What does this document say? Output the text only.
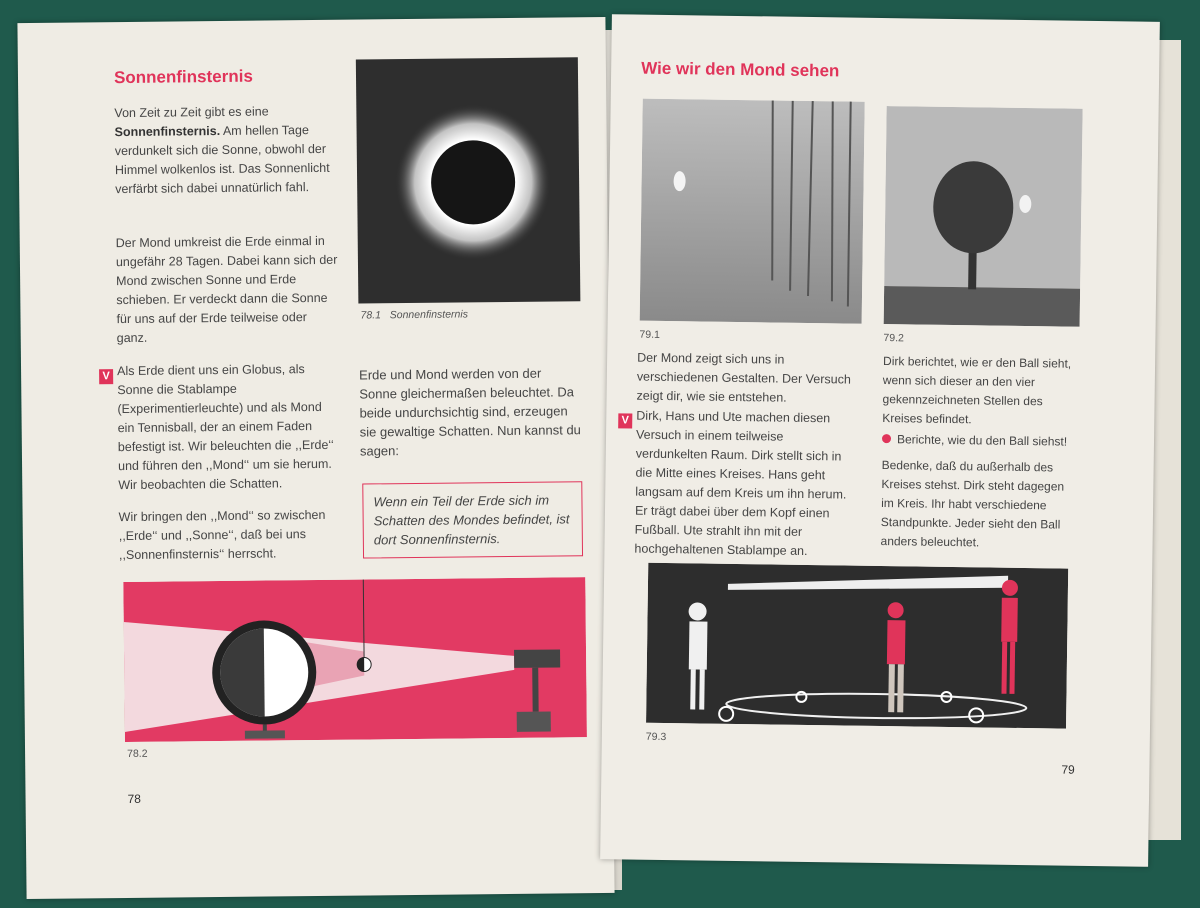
Sonnenfinsternis
Von Zeit zu Zeit gibt es eine Sonnenfinsternis. Am hellen Tage verdunkelt sich die Sonne, obwohl der Himmel wolkenlos ist. Das Sonnenlicht verfärbt sich dabei unnatürlich fahl.
Der Mond umkreist die Erde einmal in ungefähr 28 Tagen. Dabei kann sich der Mond zwischen Sonne und Erde schieben. Er verdeckt dann die Sonne für uns auf der Erde teilweise oder ganz.
78.1 Sonnenfinsternis
V Als Erde dient uns ein Globus, als Sonne die Stablampe (Experimentierleuchte) und als Mond ein Tennisball, der an einem Faden befestigt ist. Wir beleuchten die ,,Erde‘‘ und führen den ,,Mond‘‘ um sie herum. Wir beobachten die Schatten.
Wir bringen den ,,Mond‘‘ so zwischen ,,Erde‘‘ und ,,Sonne‘‘, daß bei uns ,,Sonnenfinsternis‘‘ herrscht.
Erde und Mond werden von der Sonne gleichermaßen beleuchtet. Da beide undurchsichtig sind, erzeugen sie gewaltige Schatten. Nun kannst du sagen:
Wenn ein Teil der Erde sich im Schatten des Mondes befindet, ist dort Sonnenfinsternis.
78.2
78
Wie wir den Mond sehen
79.1	79.2
Der Mond zeigt sich uns in verschiedenen Gestalten. Der Versuch zeigt dir, wie sie entstehen.
V Dirk, Hans und Ute machen diesen Versuch in einem teilweise verdunkelten Raum. Dirk stellt sich in die Mitte eines Kreises. Hans geht langsam auf dem Kreis um ihn herum. Er trägt dabei über dem Kopf einen Fußball. Ute strahlt ihn mit der hochgehaltenen Stablampe an.
Dirk berichtet, wie er den Ball sieht, wenn sich dieser an den vier gekennzeichneten Stellen des Kreises befindet.
Berichte, wie du den Ball siehst!
Bedenke, daß du außerhalb des Kreises stehst. Dirk steht dagegen im Kreis. Ihr habt verschiedene Standpunkte. Jeder sieht den Ball anders beleuchtet.
79.3
79
